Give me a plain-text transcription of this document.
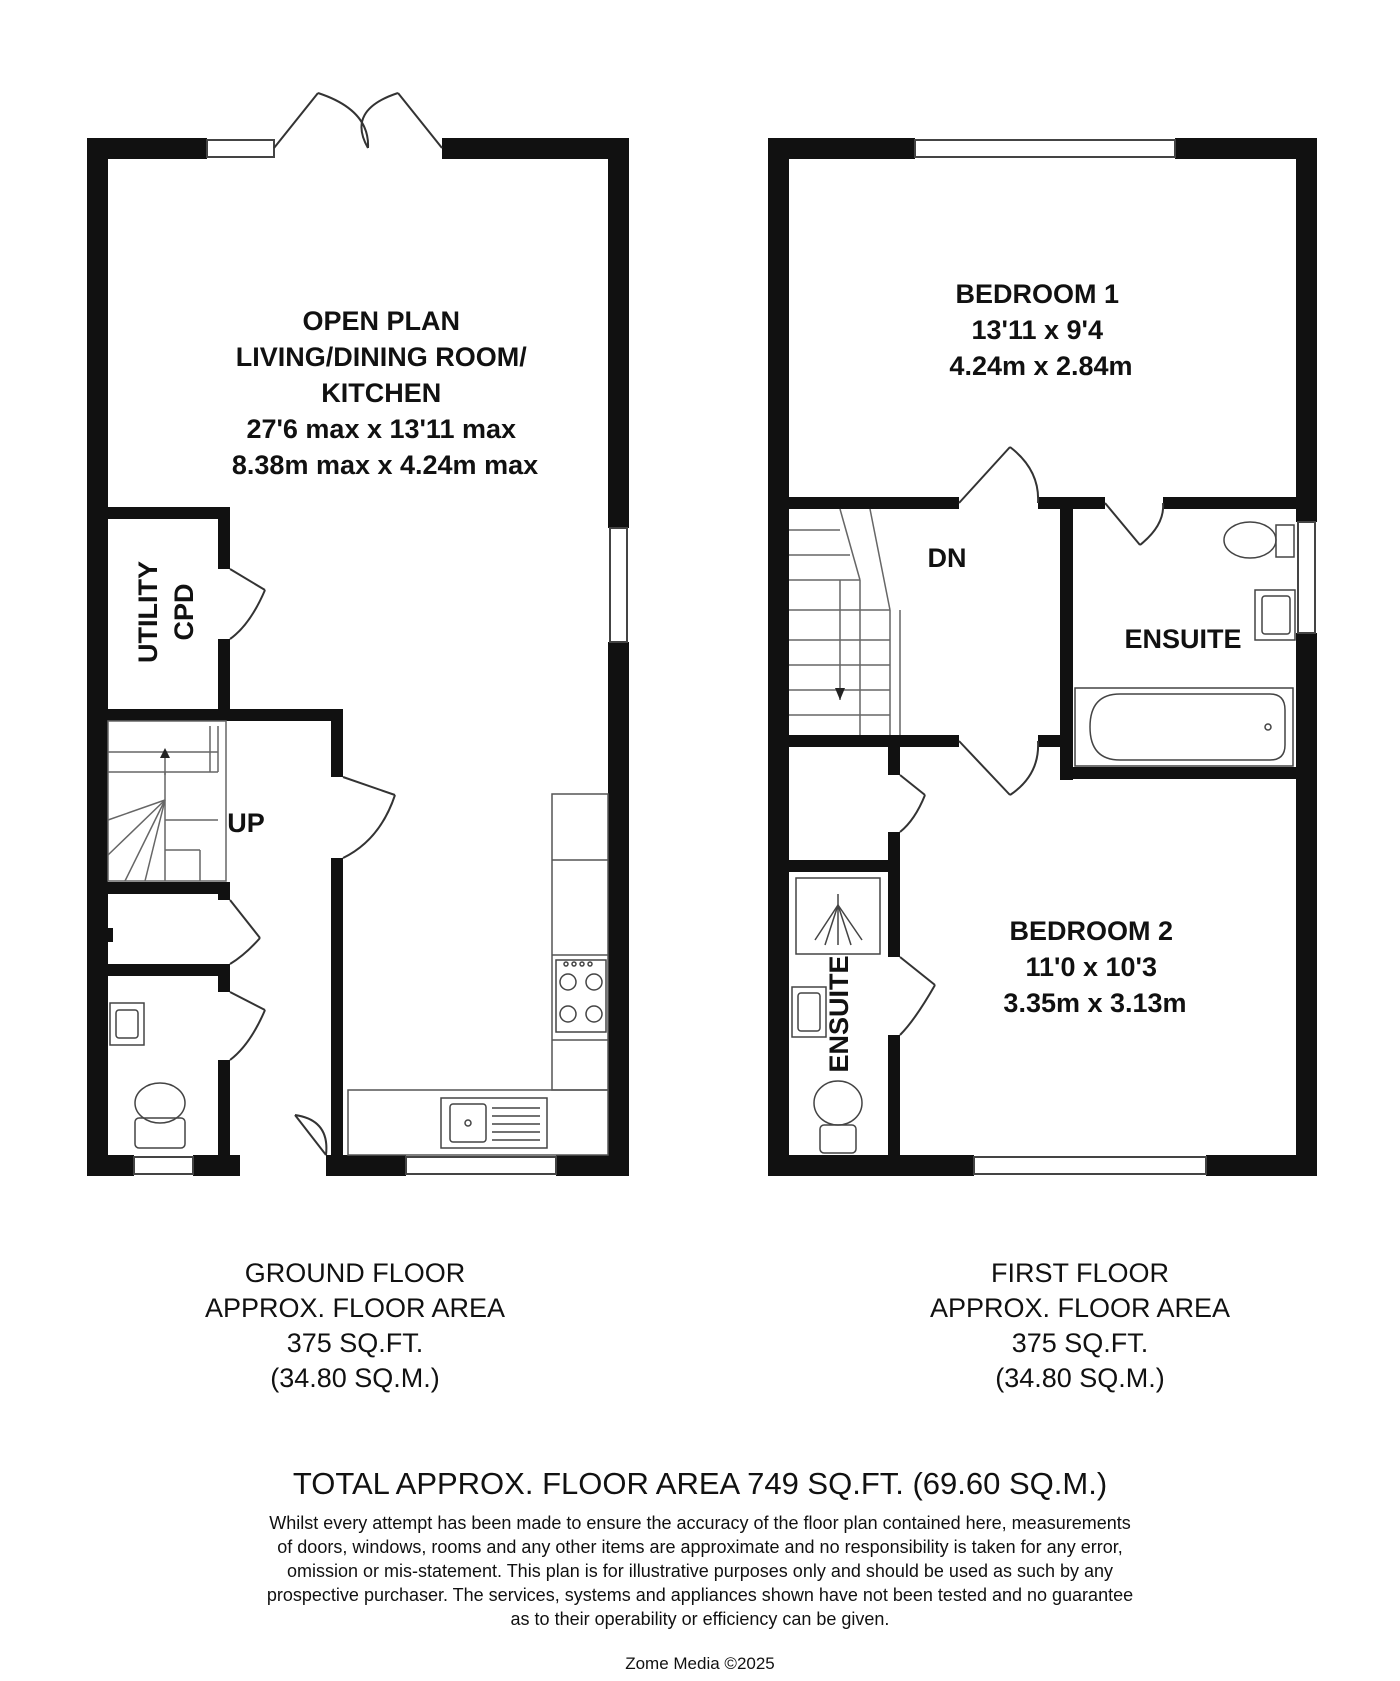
OPEN PLAN LIVING/DINING ROOM/ KITCHEN 27'6 max x 13'11 max 8.38m max x 4.24m max
UTILITY CPD
UP
BEDROOM 1 13'11 x 9'4 4.24m x 2.84m
DN
ENSUITE
BEDROOM 2 11'0 x 10'3 3.35m x 3.13m
ENSUITE
GROUND FLOOR
APPROX. FLOOR AREA
375 SQ.FT.
(34.80 SQ.M.)
FIRST FLOOR
APPROX. FLOOR AREA
375 SQ.FT.
(34.80 SQ.M.)
TOTAL APPROX. FLOOR AREA 749 SQ.FT. (69.60 SQ.M.)
Whilst every attempt has been made to ensure the accuracy of the floor plan contained here, measurements
of doors, windows, rooms and any other items are approximate and no responsibility is taken for any error,
omission or mis-statement. This plan is for illustrative purposes only and should be used as such by any
prospective purchaser. The services, systems and appliances shown have not been tested and no guarantee
as to their operability or efficiency can be given.
Zome Media ©2025
